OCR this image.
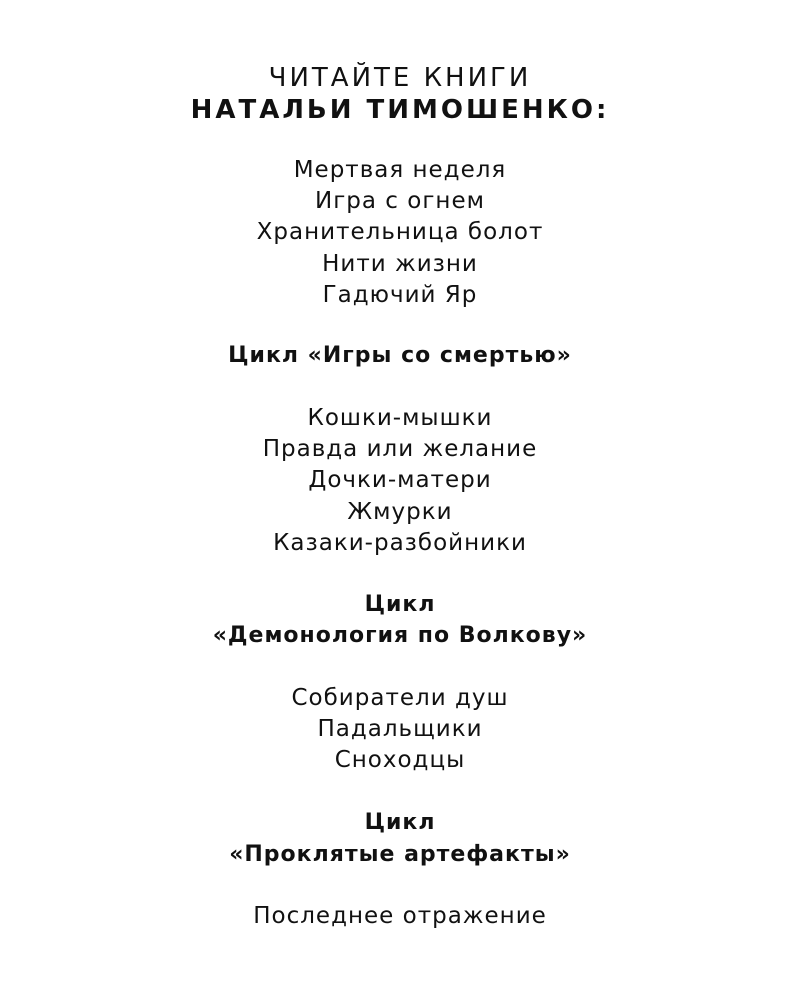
ЧИТАЙТЕ КНИГИ
НАТАЛЬИ ТИМОШЕНКО:
Мертвая неделя
Игра с огнем
Хранительница болот
Нити жизни
Гадючий Яр
Цикл «Игры со смертью»
Кошки-мышки
Правда или желание
Дочки-матери
Жмурки
Казаки-разбойники
Цикл
«Демонология по Волкову»
Собиратели душ
Падальщики
Сноходцы
Цикл
«Проклятые артефакты»
Последнее отражение
